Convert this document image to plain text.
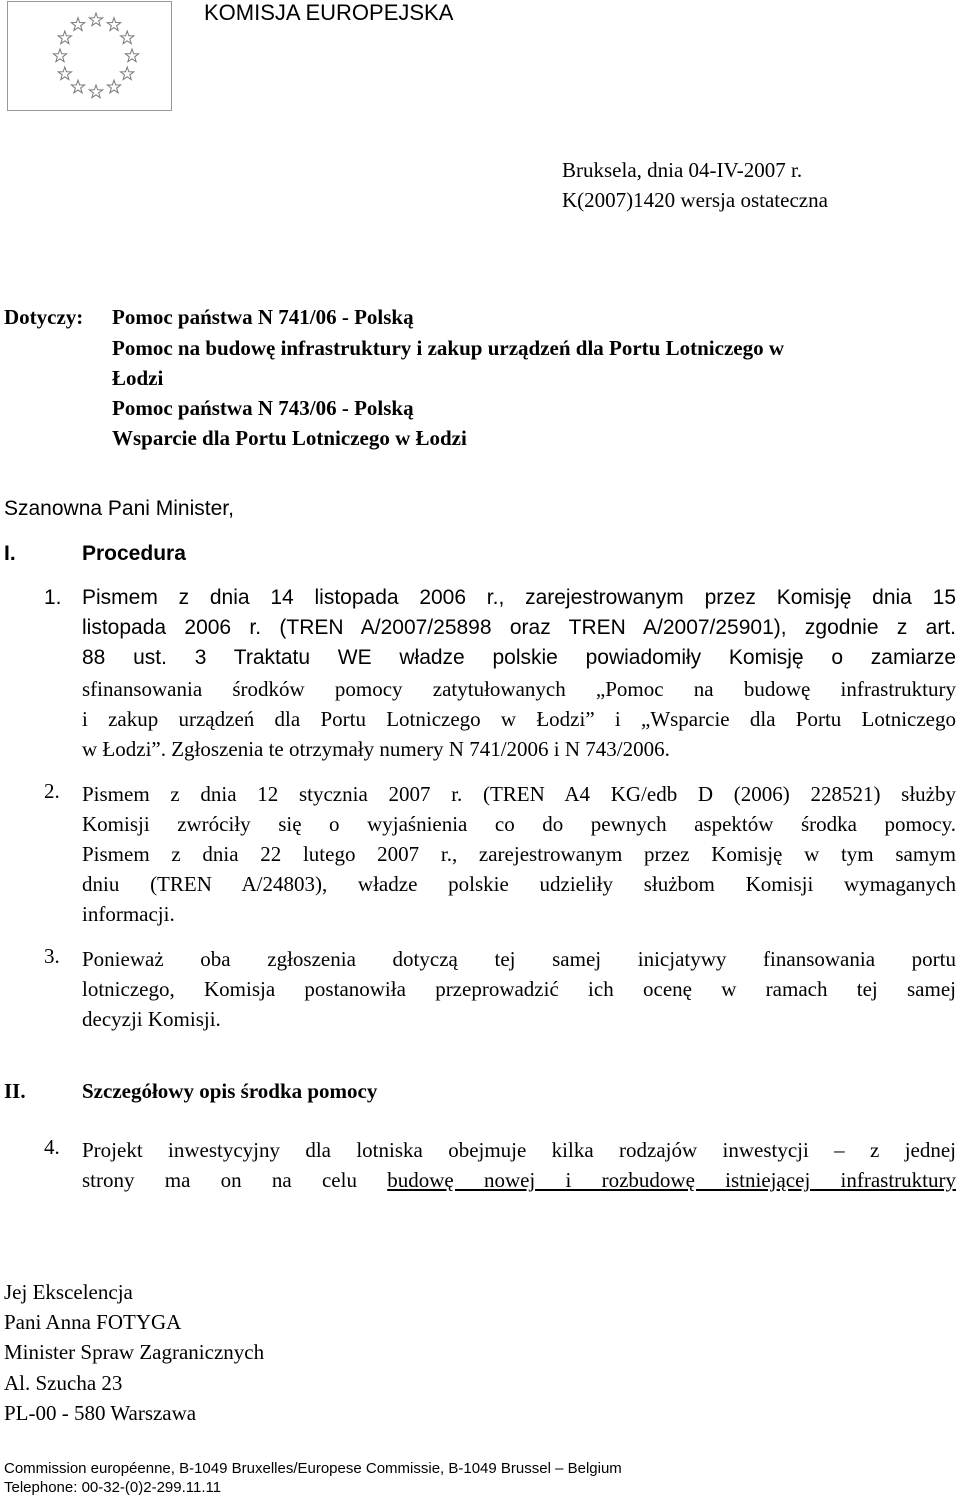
KOMISJA EUROPEJSKA
Bruksela, dnia 04-IV-2007 r.
K(2007)1420 wersja ostateczna
Dotyczy: Pomoc państwa N 741/06 - Polską
Pomoc na budowę infrastruktury i zakup urządzeń dla Portu Lotniczego w
Łodzi
Pomoc państwa N 743/06 - Polską
Wsparcie dla Portu Lotniczego w Łodzi
Szanowna Pani Minister,
I.	Procedura
1. Pismem z dnia 14 listopada 2006 r., zarejestrowanym przez Komisję dnia 15
listopada 2006 r. (TREN A/2007/25898 oraz TREN A/2007/25901), zgodnie z art.
88 ust. 3 Traktatu WE władze polskie powiadomiły Komisję o zamiarze
sfinansowania środków pomocy zatytułowanych „Pomoc na budowę infrastruktury
i zakup urządzeń dla Portu Lotniczego w Łodzi” i „Wsparcie dla Portu Lotniczego
w Łodzi”. Zgłoszenia te otrzymały numery N 741/2006 i N 743/2006.
2. Pismem z dnia 12 stycznia 2007 r. (TREN A4 KG/edb D (2006) 228521) służby
Komisji zwróciły się o wyjaśnienia co do pewnych aspektów środka pomocy.
Pismem z dnia 22 lutego 2007 r., zarejestrowanym przez Komisję w tym samym
dniu (TREN A/24803), władze polskie udzieliły służbom Komisji wymaganych
informacji.
3. Ponieważ oba zgłoszenia dotyczą tej samej inicjatywy finansowania portu
lotniczego, Komisja postanowiła przeprowadzić ich ocenę w ramach tej samej
decyzji Komisji.
II.	Szczegółowy opis środka pomocy
4. Projekt inwestycyjny dla lotniska obejmuje kilka rodzajów inwestycji – z jednej
strony ma on na celu budowę nowej i rozbudowę istniejącej infrastruktury
Jej Ekscelencja
Pani Anna FOTYGA
Minister Spraw Zagranicznych
Al. Szucha 23
PL-00 - 580 Warszawa
Commission européenne, B-1049 Bruxelles/Europese Commissie, B-1049 Brussel – Belgium
Telephone: 00-32-(0)2-299.11.11
